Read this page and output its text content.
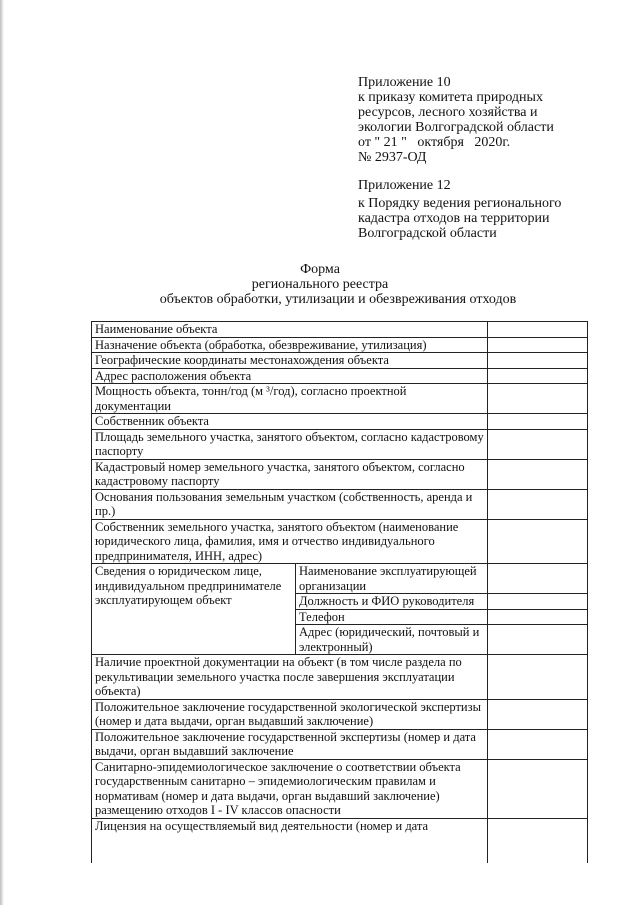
Приложение 10
к приказу комитета природных
ресурсов, лесного хозяйства и
экологии Волгоградской области
от " 21 "   октября   2020г.
№ 2937-ОД
Приложение 12
к Порядку ведения регионального
кадастра отходов на территории
Волгоградской области
Форма
регионального реестра
объектов обработки, утилизации и обезвреживания отходов
Наименование объекта		
Назначение объекта (обработка, обезвреживание, утилизация)		
Географические координаты местонахождения объекта		
Адрес расположения объекта		
Мощность объекта, тонн/год (м ³/год), согласно проектной документации		
Собственник объекта		
Площадь земельного участка, занятого объектом, согласно кадастровому паспорту		
Кадастровый номер земельного участка, занятого объектом, согласно кадастровому паспорту		
Основания пользования земельным участком (собственность, аренда и пр.)		
Собственник земельного участка, занятого объектом (наименование юридического лица, фамилия, имя и отчество индивидуального предпринимателя, ИНН, адрес)		
Сведения о юридическом лице, индивидуальном предпринимателе эксплуатирующем объект	Наименование эксплуатирующей организации	
	Должность и ФИО руководителя	
	Телефон	
	Адрес (юридический, почтовый и электронный)	
Наличие проектной документации на объект (в том числе раздела по рекультивации земельного участка после завершения эксплуатации объекта)		
Положительное заключение государственной экологической экспертизы (номер и дата выдачи, орган выдавший заключение)		
Положительное заключение государственной экспертизы (номер и дата выдачи, орган выдавший заключение		
Санитарно-эпидемиологическое заключение о соответствии объекта государственным санитарно – эпидемиологическим правилам и нормативам (номер и дата выдачи, орган выдавший заключение) размещению отходов I - IV классов опасности		
Лицензия на осуществляемый вид деятельности (номер и дата		
